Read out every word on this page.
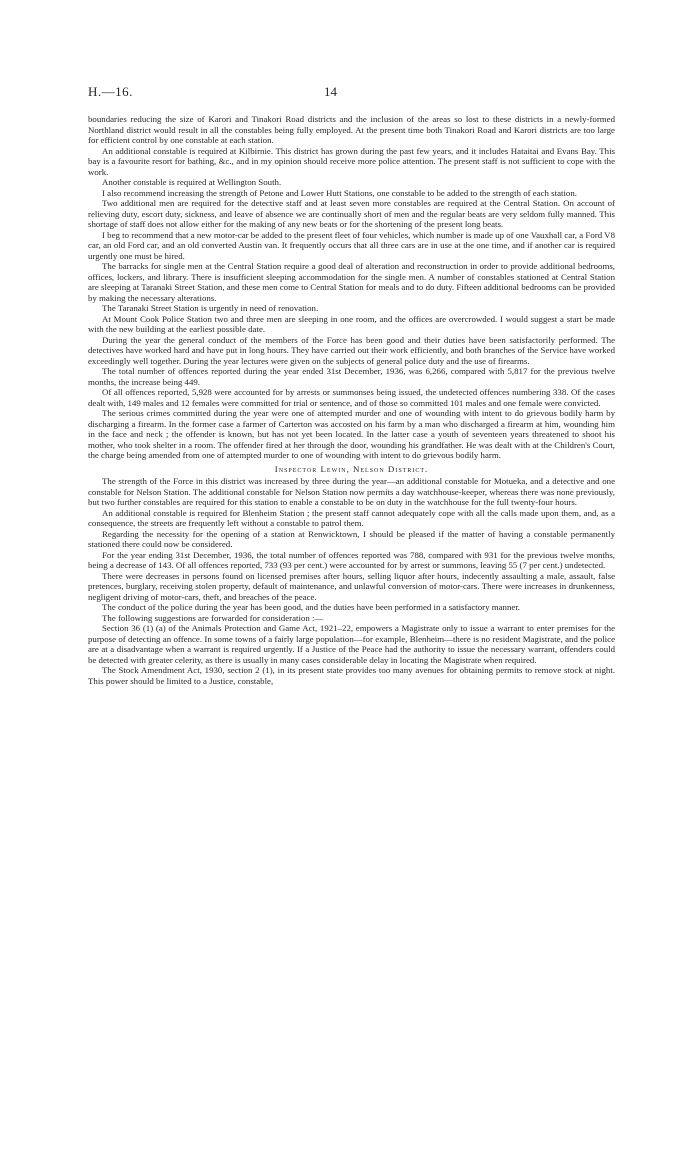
H.—16.	14

boundaries reducing the size of Karori and Tinakori Road districts and the inclusion of the areas so lost to these districts in a newly-formed Northland district would result in all the constables being fully employed. At the present time both Tinakori Road and Karori districts are too large for efficient control by one constable at each station.

An additional constable is required at Kilbirnie. This district has grown during the past few years, and it includes Hataitai and Evans Bay. This bay is a favourite resort for bathing, &c., and in my opinion should receive more police attention. The present staff is not sufficient to cope with the work.

Another constable is required at Wellington South.

I also recommend increasing the strength of Petone and Lower Hutt Stations, one constable to be added to the strength of each station.

Two additional men are required for the detective staff and at least seven more constables are required at the Central Station. On account of relieving duty, escort duty, sickness, and leave of absence we are continually short of men and the regular beats are very seldom fully manned. This shortage of staff does not allow either for the making of any new beats or for the shortening of the present long beats.

I beg to recommend that a new motor-car be added to the present fleet of four vehicles, which number is made up of one Vauxhall car, a Ford V8 car, an old Ford car, and an old converted Austin van. It frequently occurs that all three cars are in use at the one time, and if another car is required urgently one must be hired.

The barracks for single men at the Central Station require a good deal of alteration and reconstruction in order to provide additional bedrooms, offices, lockers, and library. There is insufficient sleeping accommodation for the single men. A number of constables stationed at Central Station are sleeping at Taranaki Street Station, and these men come to Central Station for meals and to do duty. Fifteen additional bedrooms can be provided by making the necessary alterations.

The Taranaki Street Station is urgently in need of renovation.

At Mount Cook Police Station two and three men are sleeping in one room, and the offices are overcrowded. I would suggest a start be made with the new building at the earliest possible date.

During the year the general conduct of the members of the Force has been good and their duties have been satisfactorily performed. The detectives have worked hard and have put in long hours. They have carried out their work efficiently, and both branches of the Service have worked exceedingly well together. During the year lectures were given on the subjects of general police duty and the use of firearms.

The total number of offences reported during the year ended 31st December, 1936, was 6,266, compared with 5,817 for the previous twelve months, the increase being 449.

Of all offences reported, 5,928 were accounted for by arrests or summonses being issued, the undetected offences numbering 338. Of the cases dealt with, 149 males and 12 females were committed for trial or sentence, and of those so committed 101 males and one female were convicted.

The serious crimes committed during the year were one of attempted murder and one of wounding with intent to do grievous bodily harm by discharging a firearm. In the former case a farmer of Carterton was accosted on his farm by a man who discharged a firearm at him, wounding him in the face and neck ; the offender is known, but has not yet been located. In the latter case a youth of seventeen years threatened to shoot his mother, who took shelter in a room. The offender fired at her through the door, wounding his grandfather. He was dealt with at the Children's Court, the charge being amended from one of attempted murder to one of wounding with intent to do grievous bodily harm.

Inspector Lewin, Nelson District.

The strength of the Force in this district was increased by three during the year—an additional constable for Motueka, and a detective and one constable for Nelson Station. The additional constable for Nelson Station now permits a day watchhouse-keeper, whereas there was none previously, but two further constables are required for this station to enable a constable to be on duty in the watchhouse for the full twenty-four hours.

An additional constable is required for Blenheim Station ; the present staff cannot adequately cope with all the calls made upon them, and, as a consequence, the streets are frequently left without a constable to patrol them.

Regarding the necessity for the opening of a station at Renwicktown, I should be pleased if the matter of having a constable permanently stationed there could now be considered.

For the year ending 31st December, 1936, the total number of offences reported was 788, compared with 931 for the previous twelve months, being a decrease of 143. Of all offences reported, 733 (93 per cent.) were accounted for by arrest or summons, leaving 55 (7 per cent.) undetected.

There were decreases in persons found on licensed premises after hours, selling liquor after hours, indecently assaulting a male, assault, false pretences, burglary, receiving stolen property, default of maintenance, and unlawful conversion of motor-cars. There were increases in drunkenness, negligent driving of motor-cars, theft, and breaches of the peace.

The conduct of the police during the year has been good, and the duties have been performed in a satisfactory manner.

The following suggestions are forwarded for consideration :—

Section 36 (1) (a) of the Animals Protection and Game Act, 1921–22, empowers a Magistrate only to issue a warrant to enter premises for the purpose of detecting an offence. In some towns of a fairly large population—for example, Blenheim—there is no resident Magistrate, and the police are at a disadvantage when a warrant is required urgently. If a Justice of the Peace had the authority to issue the necessary warrant, offenders could be detected with greater celerity, as there is usually in many cases considerable delay in locating the Magistrate when required.

The Stock Amendment Act, 1930, section 2 (1), in its present state provides too many avenues for obtaining permits to remove stock at night. This power should be limited to a Justice, constable,
